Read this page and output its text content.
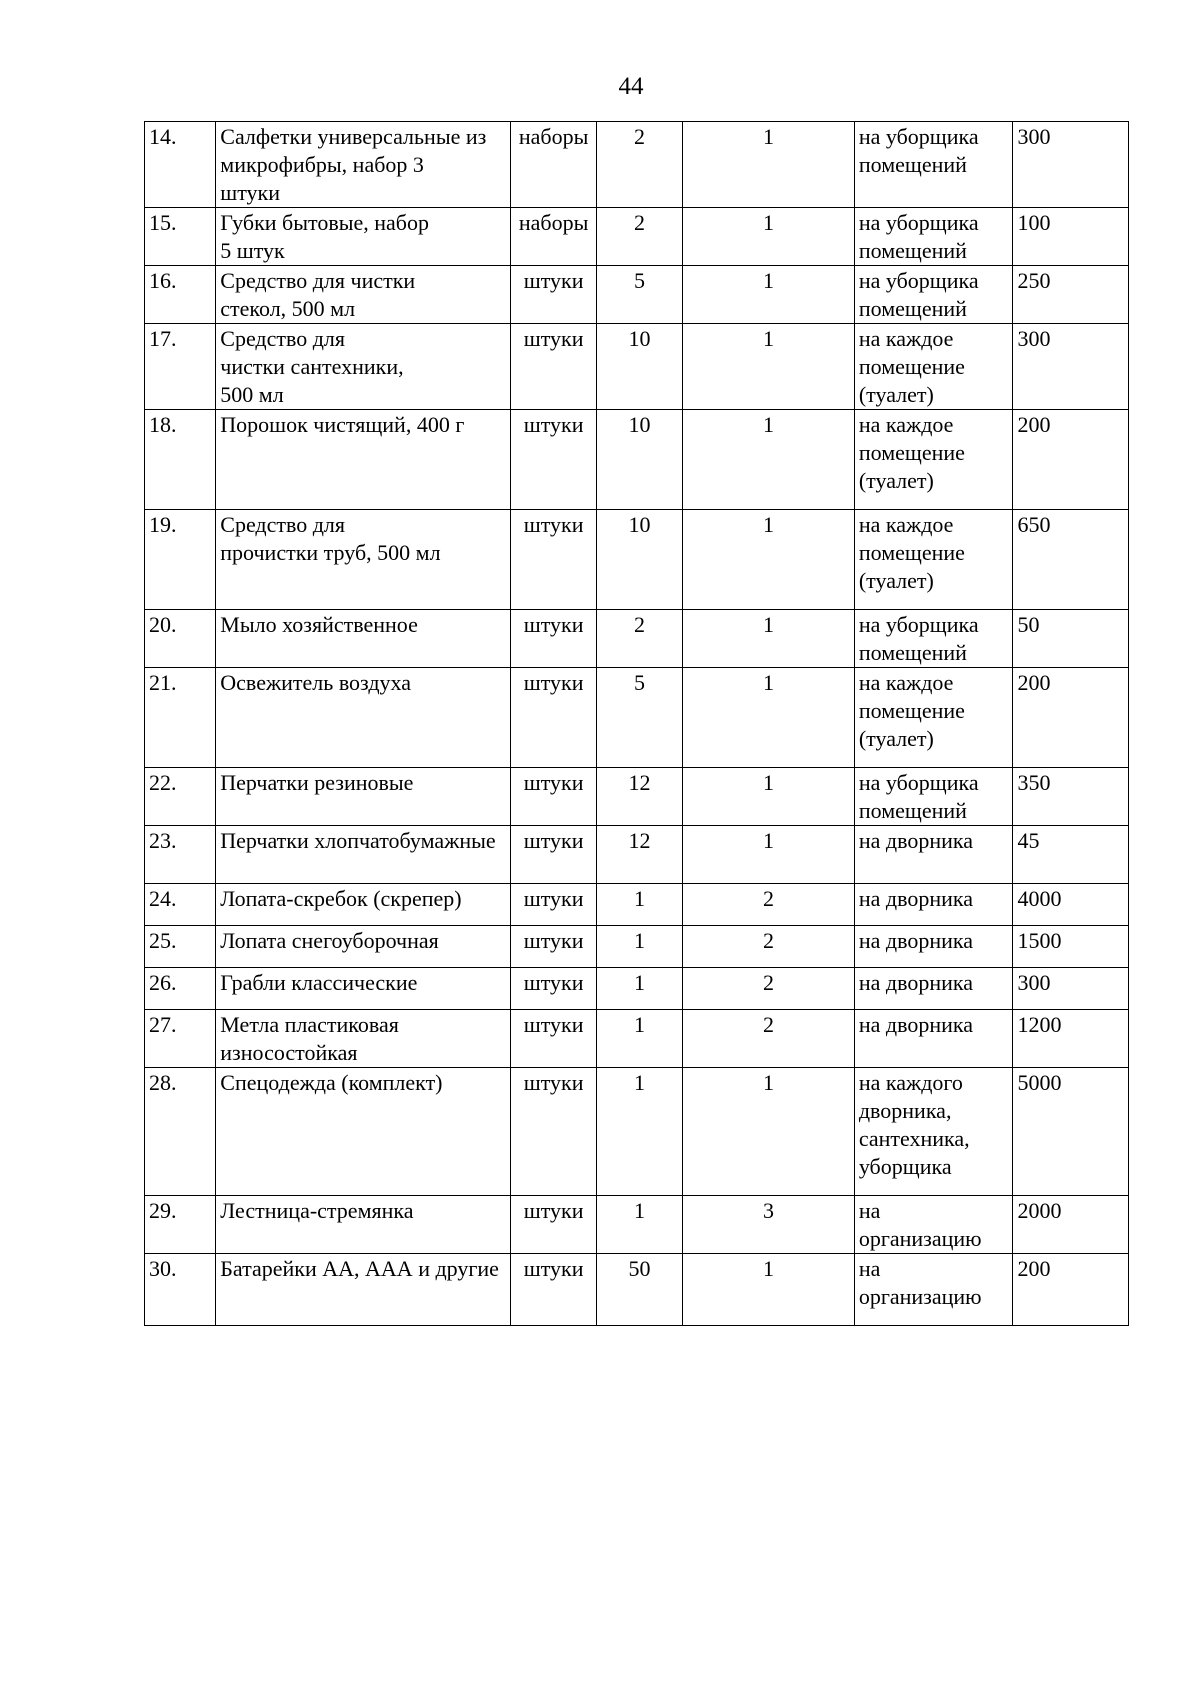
44
14.	Салфетки универсальные из
микрофибры, набор 3
штуки	наборы	2	1	на уборщика помещений	300
15.	Губки бытовые, набор
5 штук	наборы	2	1	на уборщика помещений	100
16.	Средство для чистки
стекол, 500 мл	штуки	5	1	на уборщика помещений	250
17.	Средство для
чистки сантехники,
500 мл	штуки	10	1	на каждое
помещение
(туалет)	300
18.	Порошок чистящий, 400 г	штуки	10	1	на каждое
помещение
(туалет)	200
19.	Средство для
прочистки труб, 500 мл	штуки	10	1	на каждое
помещение
(туалет)	650
20.	Мыло хозяйственное	штуки	2	1	на уборщика помещений	50
21.	Освежитель воздуха	штуки	5	1	на каждое
помещение
(туалет)	200
22.	Перчатки резиновые	штуки	12	1	на уборщика помещений	350
23.	Перчатки хлопчатобумажные	штуки	12	1	на дворника	45
24.	Лопата-скребок (скрепер)	штуки	1	2	на дворника	4000
25.	Лопата снегоуборочная	штуки	1	2	на дворника	1500
26.	Грабли классические	штуки	1	2	на дворника	300
27.	Метла пластиковая износостойкая	штуки	1	2	на дворника	1200
28.	Спецодежда (комплект)	штуки	1	1	на каждого дворника,
сантехника,
уборщика	5000
29.	Лестница-стремянка	штуки	1	3	на
организацию	2000
30.	Батарейки АА, ААА и другие	штуки	50	1	на
организацию	200
